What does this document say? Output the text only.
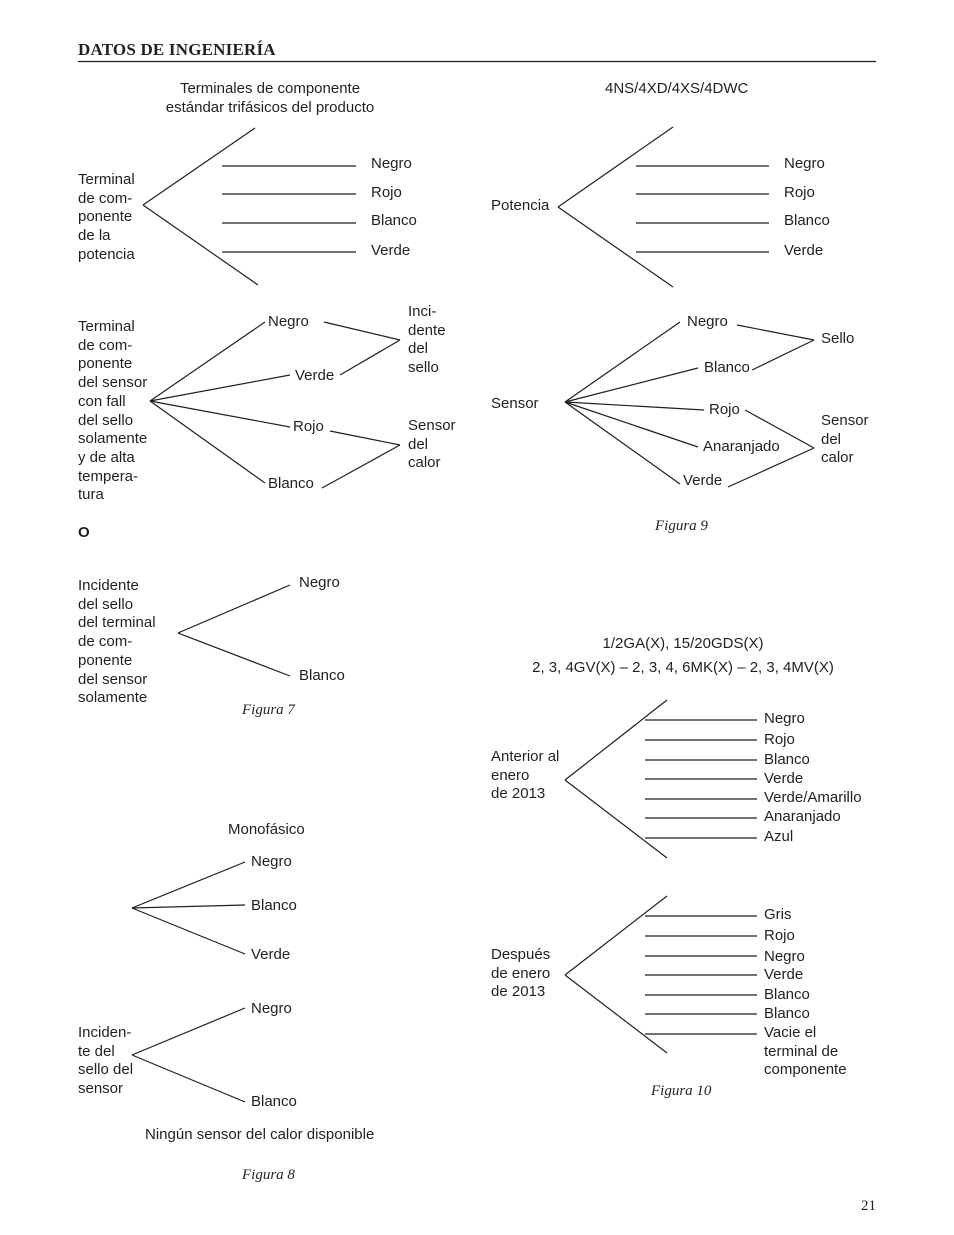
DATOS DE INGENIERÍA
21
Terminales de componente
estándar trifásicos del producto
Terminal
de com-
ponente
de la
potencia
Negro
Rojo
Blanco
Verde
Terminal
de com-
ponente
del sensor
con fall
del sello
solamente
y de alta
tempera-
tura
Negro
Verde
Rojo
Blanco
Inci-
dente
del
sello
Sensor
del
calor
O
Incidente
del sello
del terminal
de com-
ponente
del sensor
solamente
Negro
Blanco
Figura 7
Monofásico
Negro
Blanco
Verde
Inciden-
te del
sello del
sensor
Negro
Blanco
Ningún sensor del calor disponible
Figura 8
4NS/4XD/4XS/4DWC
Potencia
Negro
Rojo
Blanco
Verde
Sensor
Negro
Blanco
Rojo
Anaranjado
Verde
Sello
Sensor
del
calor
Figura 9
1/2GA(X), 15/20GDS(X)
2, 3, 4GV(X) – 2, 3, 4, 6MK(X) – 2, 3, 4MV(X)
Anterior al
enero
de 2013
Negro
Rojo
Blanco
Verde
Verde/Amarillo
Anaranjado
Azul
Después
de enero
de 2013
Gris
Rojo
Negro
Verde
Blanco
Blanco
Vacie el
terminal de
componente
Figura 10
